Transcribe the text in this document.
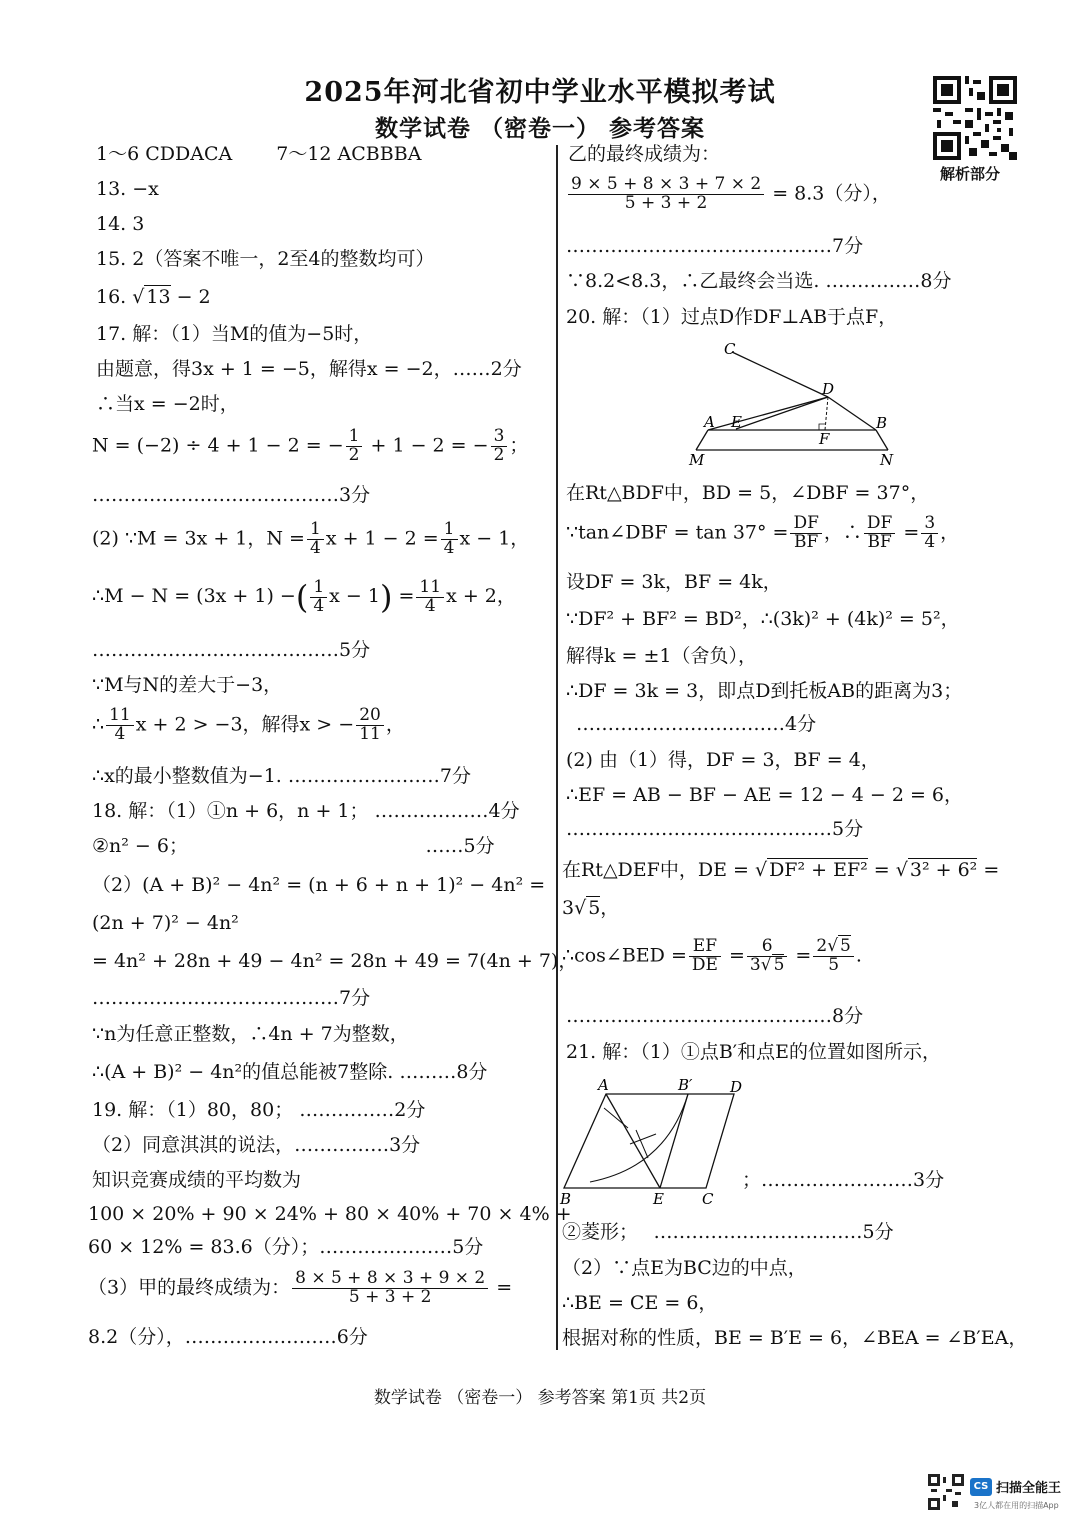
2025年河北省初中学业水平模拟考试
数学试卷 （密卷一） 参考答案
解析部分
1～6 CDDACA　　 7～12 ACBBBA
13. −x
14. 3
15. 2（答案不唯一，2至4的整数均可）
16. √ 13 − 2
17. 解：（1）当M的值为−5时，
由题意，得3x + 1 = −5，解得x = −2，……2分
∴当x = −2时，
N = (−2) ÷ 4 + 1 − 2 = − $\frac{1}{2} + 1 - 2$ = − $\frac{3}{2}$ ；
…………………………………3分
(2) ∵M = 3x + 1，$N = \frac{1}{4}$ $x + 1 - 2 = \frac{1}{4}$ x − 1，
∴M − N = (3x + 1) −( $\frac{1}{4}$ $x - 1) = \frac{11}{4}$ x + 2，
…………………………………5分
∵M与N的差大于−3，
∴ $\frac{11}{4}$ x + 2 > −3，解得x > − $\frac{20}{11}$ ，
∴x的最小整数值为−1. ……………………7分
18. 解：（1）①n + 6，n + 1； ………………4分
②n² − 6；　　　　　　　　　　　　　……5分
（2）(A + B)² − 4n² = (n + 6 + n + 1)² − 4n² =
(2n + 7)² − 4n²
= 4n² + 28n + 49 − 4n² = 28n + 49 = 7(4n + 7)，
…………………………………7分
∵n为任意正整数，∴4n + 7为整数，
∴(A + B)² − 4n²的值总能被7整除. ………8分
19. 解：（1）80，80； ……………2分
（2）同意淇淇的说法，……………3分
知识竞赛成绩的平均数为
100 × 20% + 90 × 24% + 80 × 40% + 70 × 4% +
60 × 12% = 83.6（分）；…………………5分
（3）甲的最终成绩为： $\frac{8 \times 5 + 8 \times 3 + 9 \times 2}{5 + 3 + 2}$ =
8.2（分），……………………6分
乙的最终成绩为：
$\frac{9 \times 5 + 8 \times 3 + 7 \times 2}{5 + 3 + 2} = 8.3$（分），
……………………………………7分
∵8.2<8.3，∴乙最终会当选. ……………8分
20. 解：（1）过点D作DF⊥AB于点F，
C
D
A E	B
F
M	N
在Rt△BDF中，BD = 5，∠DBF = 37°，
∵tan∠DBF = $\tan 37^\circ = \frac{DF}{BF}$ ，∴ $\frac{DF}{BF} = \frac{3}{4}$ ，
设DF = 3k，BF = 4k，
∵DF² + BF² = BD²，∴(3k)² + (4k)² = 5²，
解得k = ±1（舍负），
∴DF = 3k = 3，即点D到托板AB的距离为3；
……………………………4分
(2) 由（1）得，DF = 3，BF = 4，
∴EF = AB − BF − AE = 12 − 4 − 2 = 6，
……………………………………5分
在Rt△DEF中，DE = √ DF² + EF² = √ 3² + 6² =
3√ 5，
∴cos∠BED = $\frac{EF}{DE} = \frac{6}{3√ 5} = \frac{2√ 5}{5}$ .
……………………………………8分
21. 解：（1）①点B′和点E的位置如图所示，
A	B′	D
B	E	C
；……………………3分
②菱形；　 ……………………………5分
（2）∵点E为BC边的中点，
∴BE = CE = 6，
根据对称的性质，BE = B′E = 6，∠BEA = ∠B′EA，
数学试卷 （密卷一） 参考答案 第1页 共2页
CS 扫描全能王
3亿人都在用的扫描App
